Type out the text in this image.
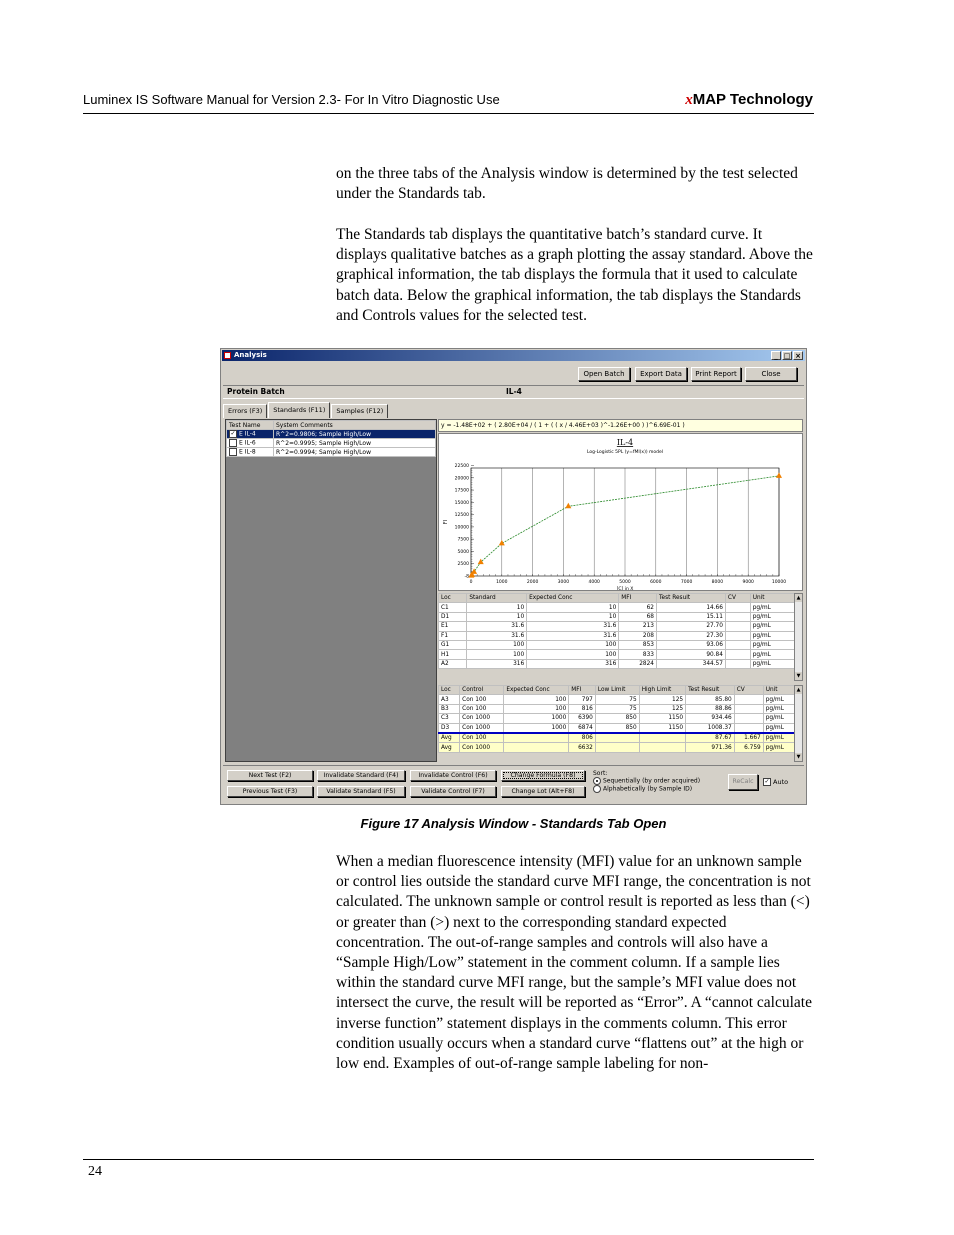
Luminex IS Software Manual for Version 2.3- For In Vitro Diagnostic Use	xMAP Technology

on the three tabs of the Analysis window is determined by the test selected under the Standards tab.

The Standards tab displays the quantitative batch’s standard curve. It displays qualitative batches as a graph plotting the assay standard. Above the graphical information, the tab displays the formula that it used to calculate batch data. Below the graphical information, the tab displays the Standards and Controls values for the selected test.

Analysis	_ □ ×
Open Batch	Export Data	Print Report	Close
Protein Batch	IL-4
Errors (F3)	Standards (F11)	Samples (F12)
Test Name	System Comments
✓ E IL-4	R^2=0.9806; Sample High/Low
E IL-6	R^2=0.9995; Sample High/Low
E IL-8	R^2=0.9994; Sample High/Low
y = -1.48E+02 + ( 2.80E+04 / ( 1 + ( ( x / 4.46E+03 )^-1.26E+00 ) )^6.69E-01 )
IL-4
Log-Logistic 5PL (y=fMI(x)) model
0	1000	2000	3000	4000	5000	6000	7000	8000	9000	10000
-8
2500
5000
7500
10000
12500
15000
17500
20000
22500
FI
[C] in X
Loc	Standard	Expected Conc	MFI	Test Result	CV	Unit
C1	10	10	62	14.66		pg/mL
D1	10	10	68	15.11		pg/mL
E1	31.6	31.6	213	27.70		pg/mL
F1	31.6	31.6	208	27.30		pg/mL
G1	100	100	853	93.06		pg/mL
H1	100	100	833	90.84		pg/mL
A2	316	316	2824	344.57		pg/mL
▲
▼
Loc	Control	Expected Conc	MFI	Low Limit	High Limit	Test Result	CV	Unit
A3	Con 100	100	797	75	125	85.80		pg/mL
B3	Con 100	100	816	75	125	88.86		pg/mL
C3	Con 1000	1000	6390	850	1150	934.46		pg/mL
D3	Con 1000	1000	6874	850	1150	1008.37		pg/mL
Avg	Con 100		806			87.67	1.667	pg/mL
Avg	Con 1000		6632			971.36	6.759	pg/mL
▲
▼
Next Test (F2)
Previous Test (F3)
Invalidate Standard (F4)
Validate Standard (F5)
Invalidate Control (F6)
Validate Control (F7)
Change Formula (F8)
Change Lot (Alt+F8)
Sort:
Sequentially (by order acquired)
Alphabetically (by Sample ID)
ReCalc	✓ Auto
Figure 17 Analysis Window - Standards Tab Open

When a median fluorescence intensity (MFI) value for an unknown sample or control lies outside the standard curve MFI range, the concentration is not calculated. The unknown sample or control result is reported as less than (<) or greater than (>) next to the corresponding standard expected concentration. The out-of-range samples and controls will also have a “Sample High/Low” statement in the comment column. If a sample lies within the standard curve MFI range, but the sample’s MFI value does not intersect the curve, the result will be reported as “Error”. A “cannot calculate inverse function” statement displays in the comments column. This error condition usually occurs when a standard curve “flattens out” at the high or low end. Examples of out-of-range sample labeling for non-

24
